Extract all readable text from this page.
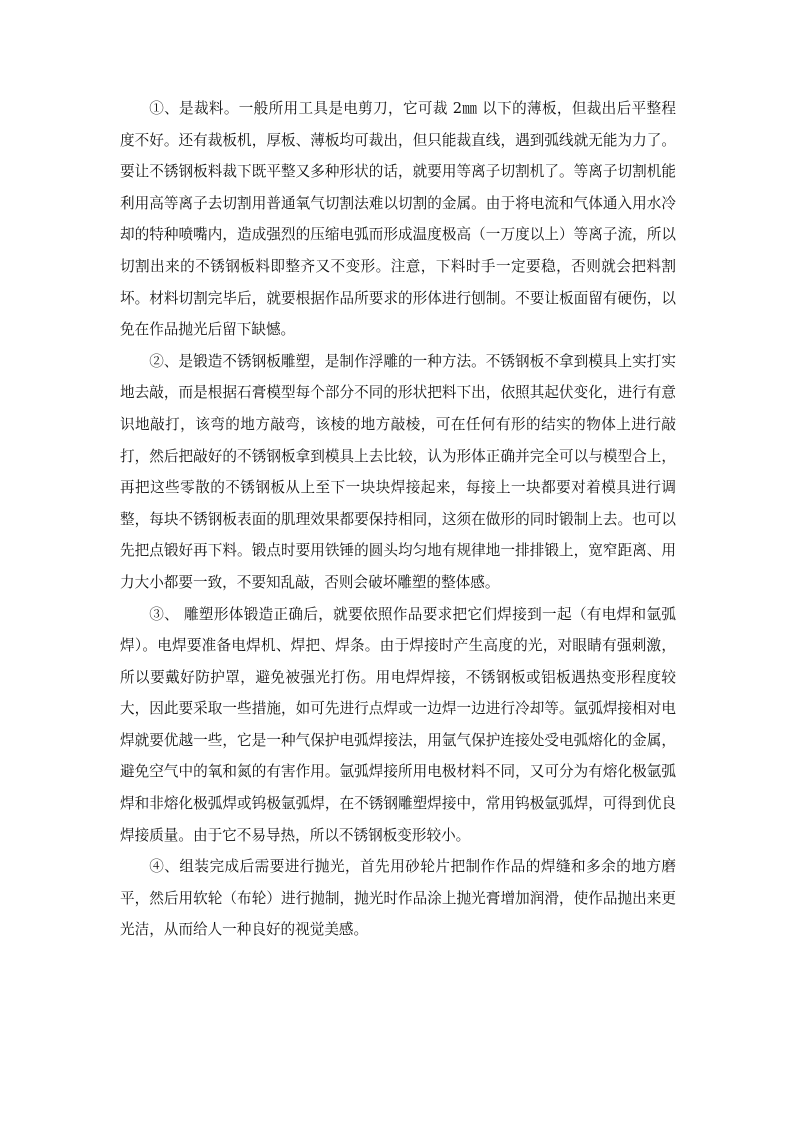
①、是裁料。一般所用工具是电剪刀，它可裁 2㎜ 以下的薄板，但裁出后平整程度不好。还有裁板机，厚板、薄板均可裁出，但只能裁直线，遇到弧线就无能为力了。要让不锈钢板料裁下既平整又多种形状的话，就要用等离子切割机了。等离子切割机能利用高等离子去切割用普通氧气切割法难以切割的金属。由于将电流和气体通入用水冷却的特种喷嘴内，造成强烈的压缩电弧而形成温度极高（一万度以上）等离子流，所以切割出来的不锈钢板料即整齐又不变形。注意，下料时手一定要稳，否则就会把料割坏。材料切割完毕后，就要根据作品所要求的形体进行刨制。不要让板面留有硬伤，以免在作品抛光后留下缺憾。

②、是锻造不锈钢板雕塑，是制作浮雕的一种方法。不锈钢板不拿到模具上实打实地去敲，而是根据石膏模型每个部分不同的形状把料下出，依照其起伏变化，进行有意识地敲打，该弯的地方敲弯，该棱的地方敲棱，可在任何有形的结实的物体上进行敲打，然后把敲好的不锈钢板拿到模具上去比较，认为形体正确并完全可以与模型合上，再把这些零散的不锈钢板从上至下一块块焊接起来，每接上一块都要对着模具进行调整，每块不锈钢板表面的肌理效果都要保持相同，这须在做形的同时锻制上去。也可以先把点锻好再下料。锻点时要用铁锤的圆头均匀地有规律地一排排锻上，宽窄距离、用力大小都要一致，不要知乱敲，否则会破坏雕塑的整体感。

③、 雕塑形体锻造正确后，就要依照作品要求把它们焊接到一起（有电焊和氩弧焊）。电焊要准备电焊机、焊把、焊条。由于焊接时产生高度的光，对眼睛有强刺激，所以要戴好防护罩，避免被强光打伤。用电焊焊接，不锈钢板或铝板遇热变形程度较大，因此要采取一些措施，如可先进行点焊或一边焊一边进行冷却等。氩弧焊接相对电焊就要优越一些，它是一种气保护电弧焊接法，用氩气保护连接处受电弧熔化的金属，避免空气中的氧和氮的有害作用。氩弧焊接所用电极材料不同，又可分为有熔化极氩弧焊和非熔化极弧焊或钨极氩弧焊，在不锈钢雕塑焊接中，常用钨极氩弧焊，可得到优良焊接质量。由于它不易导热，所以不锈钢板变形较小。

④、组装完成后需要进行抛光，首先用砂轮片把制作作品的焊缝和多余的地方磨平，然后用软轮（布轮）进行抛制，抛光时作品涂上抛光膏增加润滑，使作品抛出来更光洁，从而给人一种良好的视觉美感。
